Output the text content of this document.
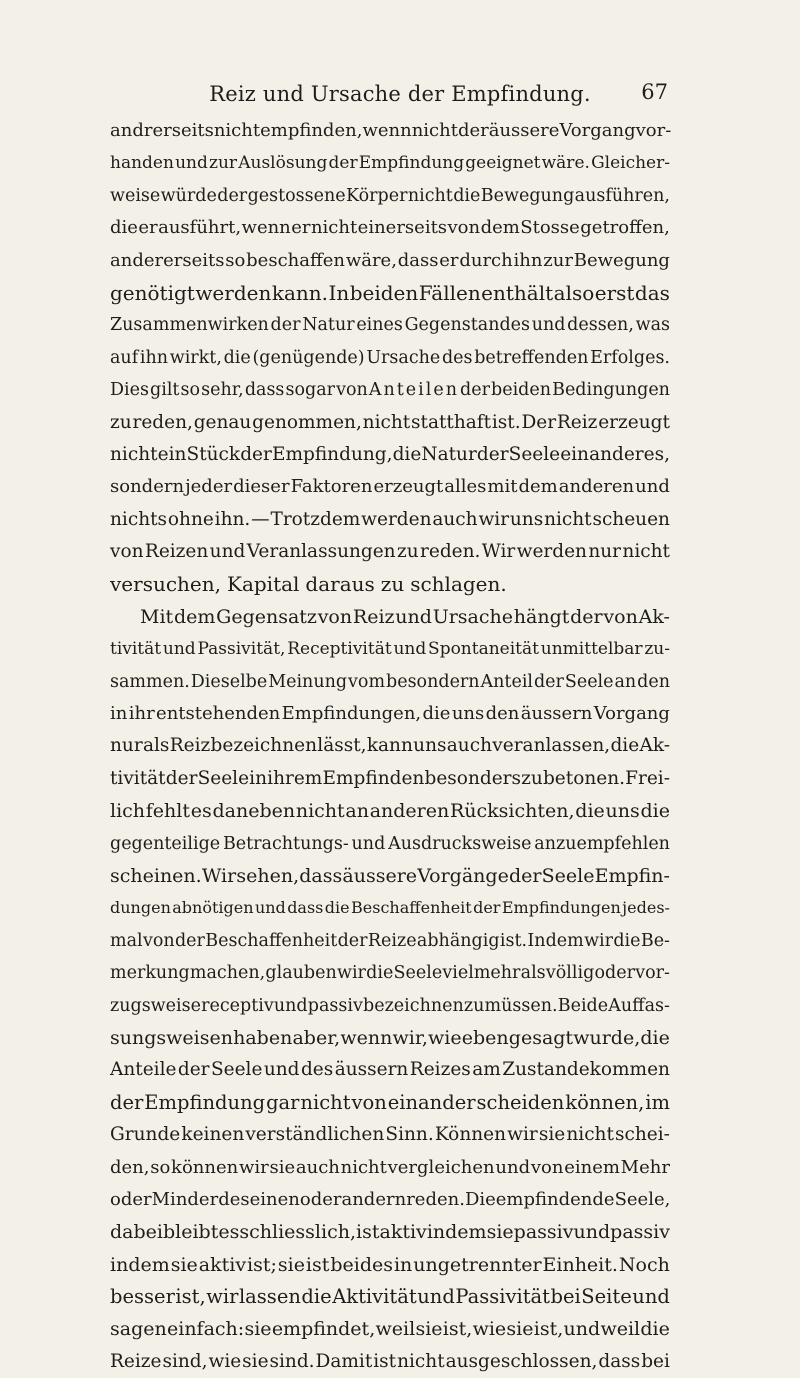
Reiz und Ursache der Empfindung.	67
andrerseits nicht empfinden, wenn nicht der äussere Vorgang vor-
handen und zur Auslösung der Empfindung geeignet wäre. Gleicher-
weise würde der gestossene Körper nicht die Bewegung ausführen,
die er ausführt, wenn er nicht einerseits von dem Stosse getroffen,
andererseits so beschaffen wäre, dass er durch ihn zur Bewegung
genötigt werden kann. In beiden Fällen enthält also erst das
Zusammenwirken der Natur eines Gegenstandes und dessen, was
auf ihn wirkt, die (genügende) Ursache des betreffenden Erfolges.
Dies gilt so sehr, dass sogar von Anteilen der beiden Bedingungen
zu reden, genau genommen, nicht statthaft ist. Der Reiz erzeugt
nicht ein Stück der Empfindung, die Natur der Seele ein anderes,
sondern jeder dieser Faktoren erzeugt alles mit dem anderen und
nichts ohne ihn. — Trotzdem werden auch wir uns nicht scheuen
von Reizen und Veranlassungen zu reden. Wir werden nur nicht
versuchen, Kapital daraus zu schlagen.
Mit dem Gegensatz von Reiz und Ursache hängt der von Ak-
tivität und Passivität, Receptivität und Spontaneität unmittelbar zu-
sammen. Dieselbe Meinung vom besondern Anteil der Seele an den
in ihr entstehenden Empfindungen, die uns den äussern Vorgang
nur als Reiz bezeichnen lässt, kann uns auch veranlassen, die Ak-
tivität der Seele in ihrem Empfinden besonders zu betonen. Frei-
lich fehlt es daneben nicht an anderen Rücksichten, die uns die
gegenteilige Betrachtungs- und Ausdrucksweise anzuempfehlen
scheinen. Wir sehen, dass äussere Vorgänge der Seele Empfin-
dungen abnötigen und dass die Beschaffenheit der Empfindungen jedes-
mal von der Beschaffenheit der Reize abhängig ist. Indem wir die Be-
merkung machen, glauben wir die Seele vielmehr als völlig oder vor-
zugsweise receptiv und passiv bezeichnen zu müssen. Beide Auffas-
sungsweisen haben aber, wenn wir, wie eben gesagt wurde, die
Anteile der Seele und des äussern Reizes am Zustandekommen
der Empfindung gar nicht von einander scheiden können, im
Grunde keinen verständlichen Sinn. Können wir sie nicht schei-
den, so können wir sie auch nicht vergleichen und von einem Mehr
oder Minder des einen oder andern reden. Die empfindende Seele,
dabei bleibt es schliesslich, ist aktiv indem sie passiv und passiv
indem sie aktiv ist; sie ist beides in ungetrennter Einheit. Noch
besser ist, wir lassen die Aktivität und Passivität bei Seite und
sagen einfach: sie empfindet, weil sie ist, wie sie ist, und weil die
Reize sind, wie sie sind. Damit ist nicht ausgeschlossen, dass bei
